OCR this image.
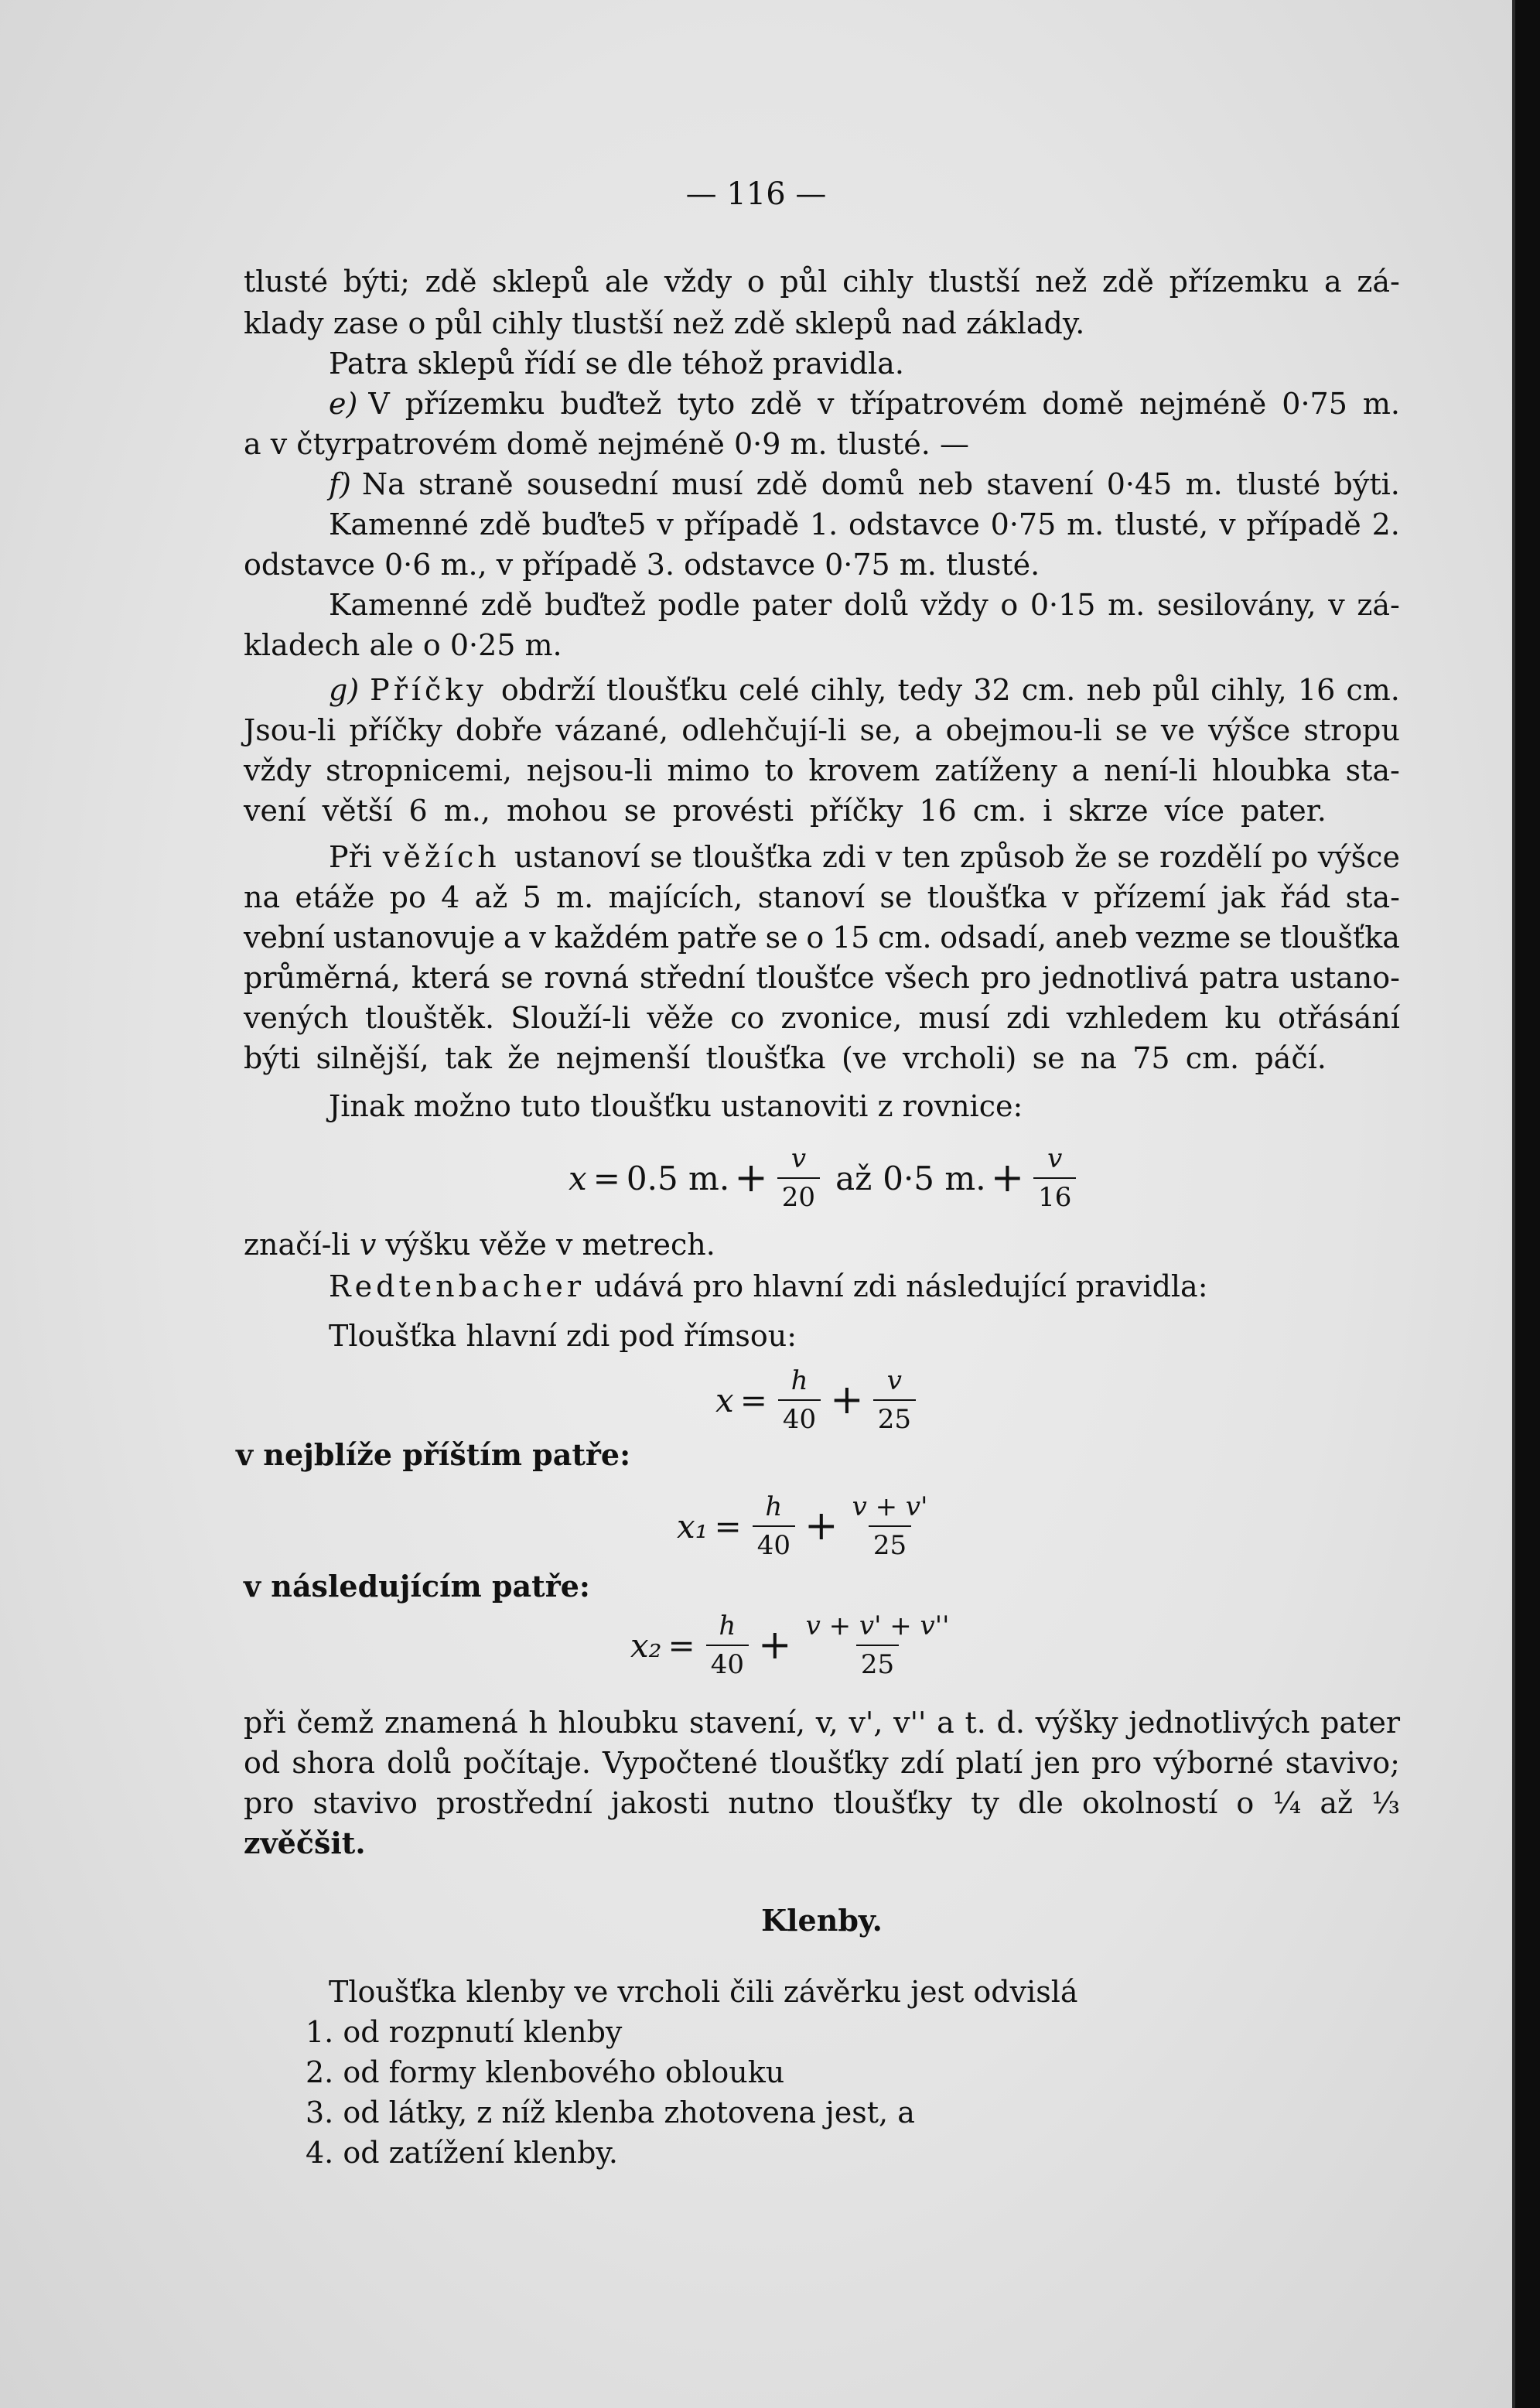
— 116 —
tlusté býti; zdě sklepů ale vždy o půl cihly tlustší než zdě přízemku a zá-
klady zase o půl cihly tlustší než zdě sklepů nad základy.
Patra sklepů řídí se dle téhož pravidla.
e) V přízemku buďtež tyto zdě v třípatrovém domě nejméně 0·75 m.
a v čtyrpatrovém domě nejméně 0·9 m. tlusté. —
f) Na straně sousední musí zdě domů neb stavení 0·45 m. tlusté býti.
Kamenné zdě buďte5 v případě 1. odstavce 0·75 m. tlusté, v případě 2.
odstavce 0·6 m., v případě 3. odstavce 0·75 m. tlusté.
Kamenné zdě buďtež podle pater dolů vždy o 0·15 m. sesilovány, v zá-
kladech ale o 0·25 m.
g) Příčky obdrží tloušťku celé cihly, tedy 32 cm. neb půl cihly, 16 cm.
Jsou-li příčky dobře vázané, odlehčují-li se, a obejmou-li se ve výšce stropu
vždy stropnicemi, nejsou-li mimo to krovem zatíženy a není-li hloubka sta-
vení větší 6 m., mohou se provésti příčky 16 cm. i skrze více pater.
Při věžích ustanoví se tloušťka zdi v ten způsob že se rozdělí po výšce
na etáže po 4 až 5 m. majících, stanoví se tloušťka v přízemí jak řád sta-
vební ustanovuje a v každém patře se o 15 cm. odsadí, aneb vezme se tloušťka
průměrná, která se rovná střední tloušťce všech pro jednotlivá patra ustano-
vených tlouštěk. Slouží-li věže co zvonice, musí zdi vzhledem ku otřásání
býti silnější, tak že nejmenší tloušťka (ve vrcholi) se na 75 cm. páčí.
Jinak možno tuto tloušťku ustanoviti z rovnice:
x = 0.5 m. + $\frac{v}{20}$ až 0·5 m. + $\frac{v}{16}$
značí-li v výšku věže v metrech.
Redtenbacher udává pro hlavní zdi následující pravidla:
Tloušťka hlavní zdi pod římsou:
$x = \frac{h}{40} + \frac{v}{25}$
v nejblíže příštím patře:
$x_1 = \frac{h}{40} + \frac{v + v'}{25}$
v následujícím patře:
$x_2 = \frac{h}{40} + \frac{v + v' + v''}{25}$
při čemž znamená h hloubku stavení, v, v', v'' a t. d. výšky jednotlivých pater
od shora dolů počítaje. Vypočtené tloušťky zdí platí jen pro výborné stavivo;
pro stavivo prostřední jakosti nutno tloušťky ty dle okolností o ¼ až ⅓
zvěčšit.
Klenby.
Tloušťka klenby ve vrcholi čili závěrku jest odvislá
1. od rozpnutí klenby
2. od formy klenbového oblouku
3. od látky, z níž klenba zhotovena jest, a
4. od zatížení klenby.
